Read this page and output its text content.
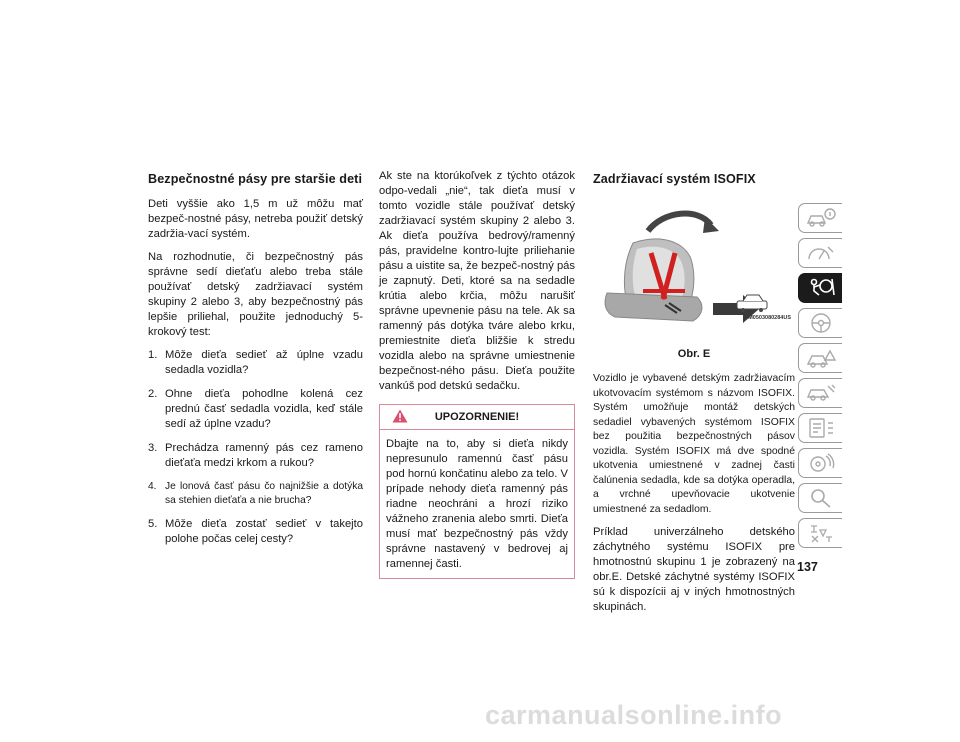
Bezpečnostné pásy pre staršie deti

Deti vyššie ako 1,5 m už môžu mať bezpeč-nostné pásy, netreba použiť detský zadržia-vací systém.

Na rozhodnutie, či bezpečnostný pás správne sedí dieťaťu alebo treba stále používať detský zadržiavací systém skupiny 2 alebo 3, aby bezpečnostný pás lepšie priliehal, použite jednoduchý 5-krokový test:

1. Môže dieťa sedieť až úplne vzadu sedadla vozidla?
2. Ohne dieťa pohodlne kolená cez prednú časť sedadla vozidla, keď stále sedí až úplne vzadu?
3. Prechádza ramenný pás cez rameno dieťaťa medzi krkom a rukou?
4. Je lonová časť pásu čo najnižšie a dotýka sa stehien dieťaťa a nie brucha?
5. Môže dieťa zostať sedieť v takejto polohe počas celej cesty?

Ak ste na ktorúkoľvek z týchto otázok odpo-vedali „nie“, tak dieťa musí v tomto vozidle stále používať detský zadržiavací systém skupiny 2 alebo 3. Ak dieťa používa bedrový/ramenný pás, pravidelne kontro-lujte priliehanie pásu a uistite sa, že bezpeč-nostný pás je zapnutý. Deti, ktoré sa na sedadle krútia alebo krčia, môžu narušiť správne upevnenie pásu na tele. Ak sa ramenný pás dotýka tváre alebo krku, premiestnite dieťa bližšie k stredu vozidla alebo na správne umiestnenie bezpečnost-ného pásu. Dieťa použite vankúš pod detskú sedačku.

UPOZORNENIE!
Dbajte na to, aby si dieťa nikdy nepresunulo ramennú časť pásu pod hornú končatinu alebo za telo. V prípade nehody dieťa ramenný pás riadne neochráni a hrozí riziko vážneho zranenia alebo smrti. Dieťa musí mať bezpečnostný pás vždy správne nastavený v bedrovej aj ramennej časti.
Zadržiavací systém ISOFIX
M0503080284US
Obr. E

Vozidlo je vybavené detským zadržiavacím ukotvovacím systémom s názvom ISOFIX. Systém umožňuje montáž detských sedadiel vybavených systémom ISOFIX bez použitia bezpečnostných pásov vozidla. Systém ISOFIX má dve spodné ukotvenia umiestnené v zadnej časti čalúnenia sedadla, kde sa dotýka operadla, a vrchné upevňovacie ukotvenie umiestnené za sedadlom.

Príklad univerzálneho detského záchytného systému ISOFIX pre hmotnostnú skupinu 1 je zobrazený na obr.E. Detské záchytné systémy ISOFIX sú k dispozícii aj v iných hmotnostných skupinách.

137
carmanualsonline.info
